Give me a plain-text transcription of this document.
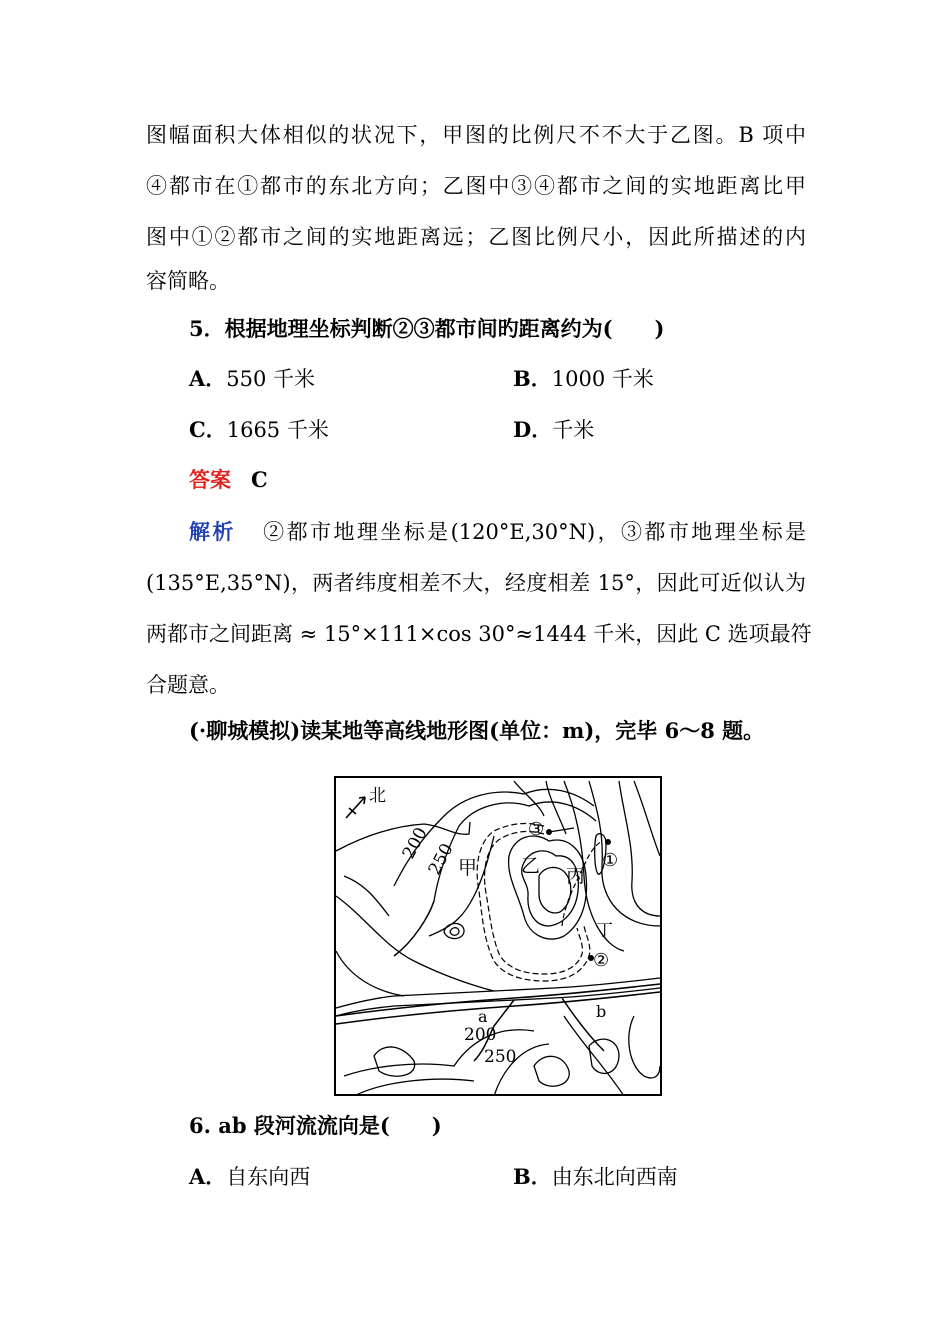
图幅面积大体相似的状况下，甲图的比例尺不不大于乙图。B 项中
④都市在①都市的东北方向；乙图中③④都市之间的实地距离比甲
图中①②都市之间的实地距离远；乙图比例尺小，因此所描述的内
容简略。
5．根据地理坐标判断②③都市间旳距离约为(　　)
A．550 千米	B．1000 千米
C．1665 千米	D．千米
答案 C
解析 ②都市地理坐标是(120°E,30°N)，③都市地理坐标是
(135°E,35°N)，两者纬度相差不大，经度相差 15°，因此可近似认为
两都市之间距离 ≈ 15°×111×cos 30°≈1444 千米，因此 C 选项最符
合题意。
(·聊城模拟)读某地等高线地形图(单位：m)，完毕 6～8 题。
北
③
①
②
甲 乙 丙
丁
200
250
200
250
a	b
6. ab 段河流流向是(　　)
A．自东向西	B．由东北向西南
